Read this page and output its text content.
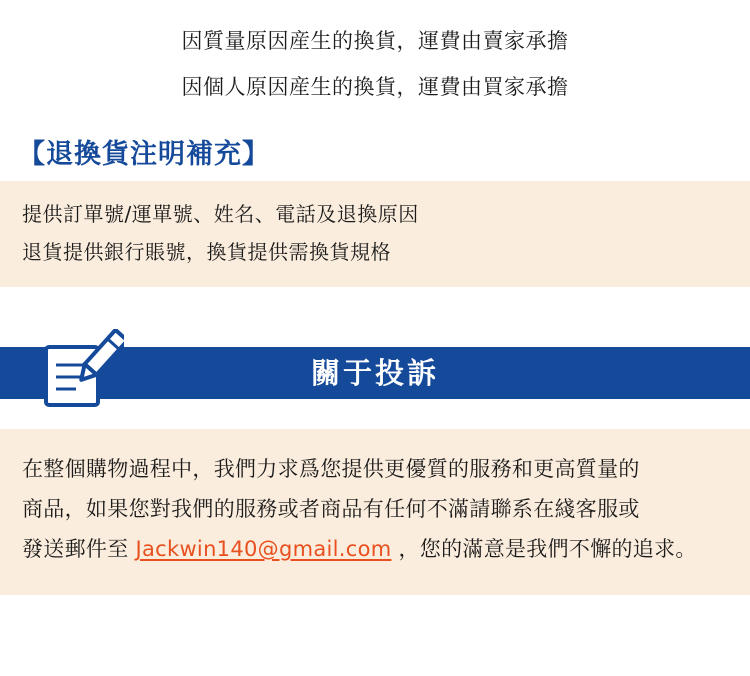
因質量原因産生的換貨，運費由賣家承擔
因個人原因産生的換貨，運費由買家承擔
【退換貨注明補充】
提供訂單號/運單號、姓名、電話及退換原因
退貨提供銀行賬號，換貨提供需換貨規格
關于投訴
在整個購物過程中，我們力求爲您提供更優質的服務和更高質量的
商品，如果您對我們的服務或者商品有任何不滿請聯系在綫客服或
發送郵件至 Jackwin140@gmail.com ，您的滿意是我們不懈的追求。
